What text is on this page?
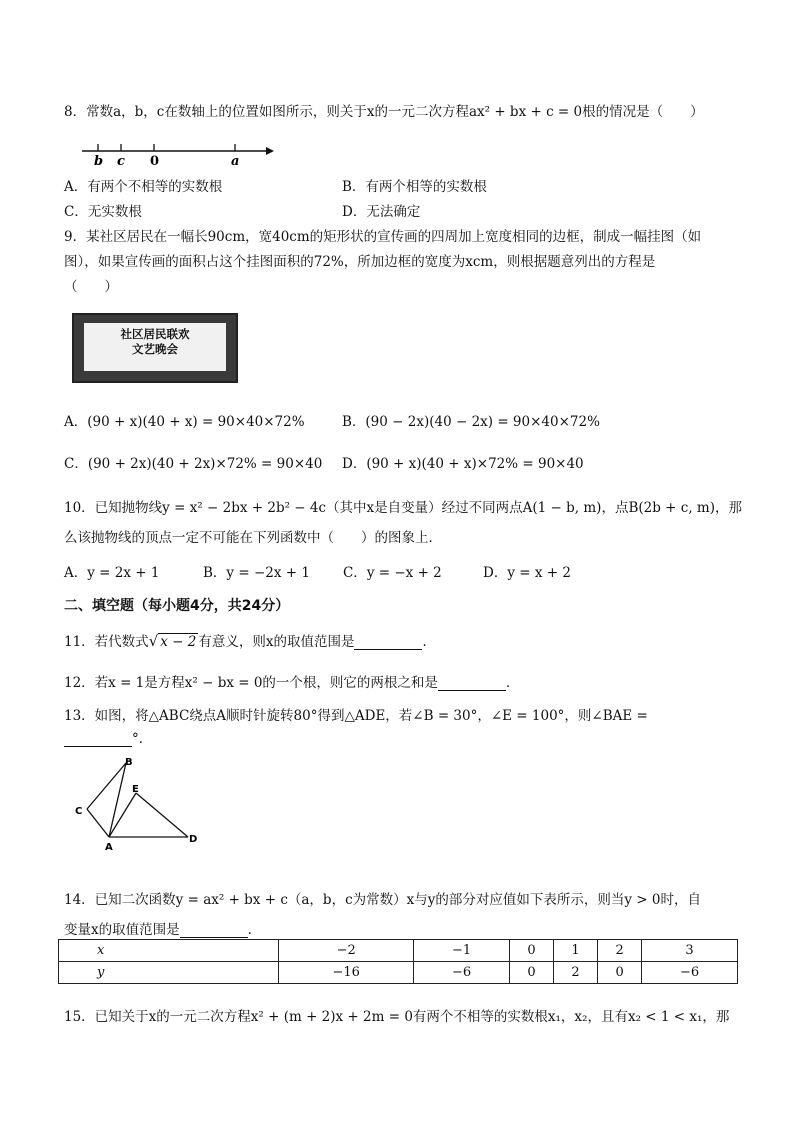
8．常数a，b，c在数轴上的位置如图所示，则关于x的一元二次方程ax² + bx + c = 0根的情况是（　　）
b c 0	a
A．有两个不相等的实数根	B．有两个相等的实数根
C．无实数根	D．无法确定
9．某社区居民在一幅长90cm，宽40cm的矩形状的宣传画的四周加上宽度相同的边框，制成一幅挂图（如
图），如果宣传画的面积占这个挂图面积的72%，所加边框的宽度为xcm，则根据题意列出的方程是
（　　）
社区居民联欢
文艺晚会
A．(90 + x)(40 + x) = 90×40×72%	B．(90 − 2x)(40 − 2x) = 90×40×72%
C．(90 + 2x)(40 + 2x)×72% = 90×40 D．(90 + x)(40 + x)×72% = 90×40
10．已知抛物线y = x² − 2bx + 2b² − 4c（其中x是自变量）经过不同两点A(1 − b, m)，点B(2b + c, m)，那
么该抛物线的顶点一定不可能在下列函数中（　　）的图象上．
A．y = 2x + 1	B．y = −2x + 1 C．y = −x + 2	D．y = x + 2
二、填空题（每小题4分，共24分）
11．若代数式√ x − 2 有意义，则x的取值范围是	．
12．若x = 1是方程x² − bx = 0的一个根，则它的两根之和是	．
13．如图，将△ABC绕点A顺时针旋转80°得到△ADE，若∠B = 30°，∠E = 100°，则∠BAE =
°．
B
C
E
A
D
14．已知二次函数y = ax² + bx + c（a，b，c为常数）x与y的部分对应值如下表所示，则当y > 0时，自
变量x的取值范围是	．
x	−2	−1	0	1	2	3
y	−16	−6	0	2	0	−6
15．已知关于x的一元二次方程x² + (m + 2)x + 2m = 0有两个不相等的实数根x₁，x₂，且有x₂ < 1 < x₁，那
